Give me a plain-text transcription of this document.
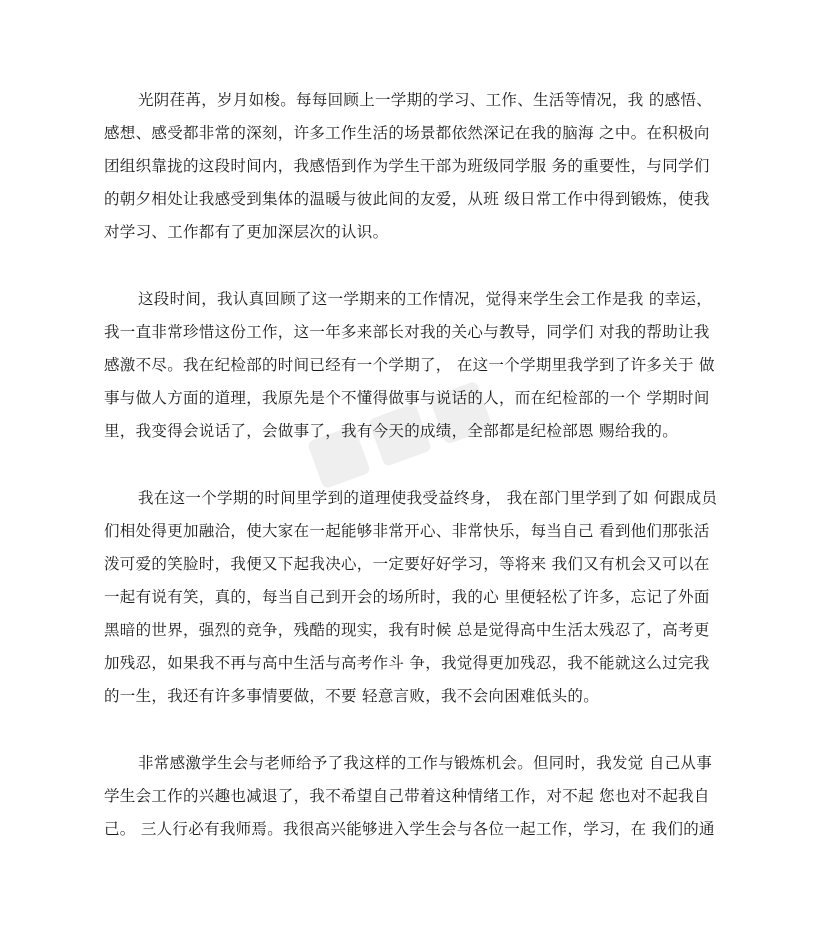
光阴荏苒，岁月如梭。每每回顾上一学期的学习、工作、生活等情况，我 的感悟、
感想、感受都非常的深刻，许多工作生活的场景都依然深记在我的脑海 之中。在积极向
团组织靠拢的这段时间内，我感悟到作为学生干部为班级同学服 务的重要性，与同学们
的朝夕相处让我感受到集体的温暖与彼此间的友爱，从班 级日常工作中得到锻炼，使我
对学习、工作都有了更加深层次的认识。
这段时间，我认真回顾了这一学期来的工作情况，觉得来学生会工作是我 的幸运，
我一直非常珍惜这份工作，这一年多来部长对我的关心与教导，同学们 对我的帮助让我
感激不尽。我在纪检部的时间已经有一个学期了， 在这一个学期里我学到了许多关于 做
事与做人方面的道理，我原先是个不懂得做事与说话的人，而在纪检部的一个 学期时间
里，我变得会说话了，会做事了，我有今天的成绩，全部都是纪检部恩 赐给我的。
我在这一个学期的时间里学到的道理使我受益终身， 我在部门里学到了如 何跟成员
们相处得更加融洽，使大家在一起能够非常开心、非常快乐，每当自己 看到他们那张活
泼可爱的笑脸时，我便又下起我决心，一定要好好学习，等将来 我们又有机会又可以在
一起有说有笑，真的，每当自己到开会的场所时，我的心 里便轻松了许多，忘记了外面
黑暗的世界，强烈的竞争，残酷的现实，我有时候 总是觉得高中生活太残忍了，高考更
加残忍，如果我不再与高中生活与高考作斗 争，我觉得更加残忍，我不能就这么过完我
的一生，我还有许多事情要做，不要 轻意言败，我不会向困难低头的。
非常感激学生会与老师给予了我这样的工作与锻炼机会。但同时，我发觉 自己从事
学生会工作的兴趣也减退了，我不希望自己带着这种情绪工作，对不起 您也对不起我自
己。 三人行必有我师焉。我很高兴能够进入学生会与各位一起工作，学习，在 我们的通
